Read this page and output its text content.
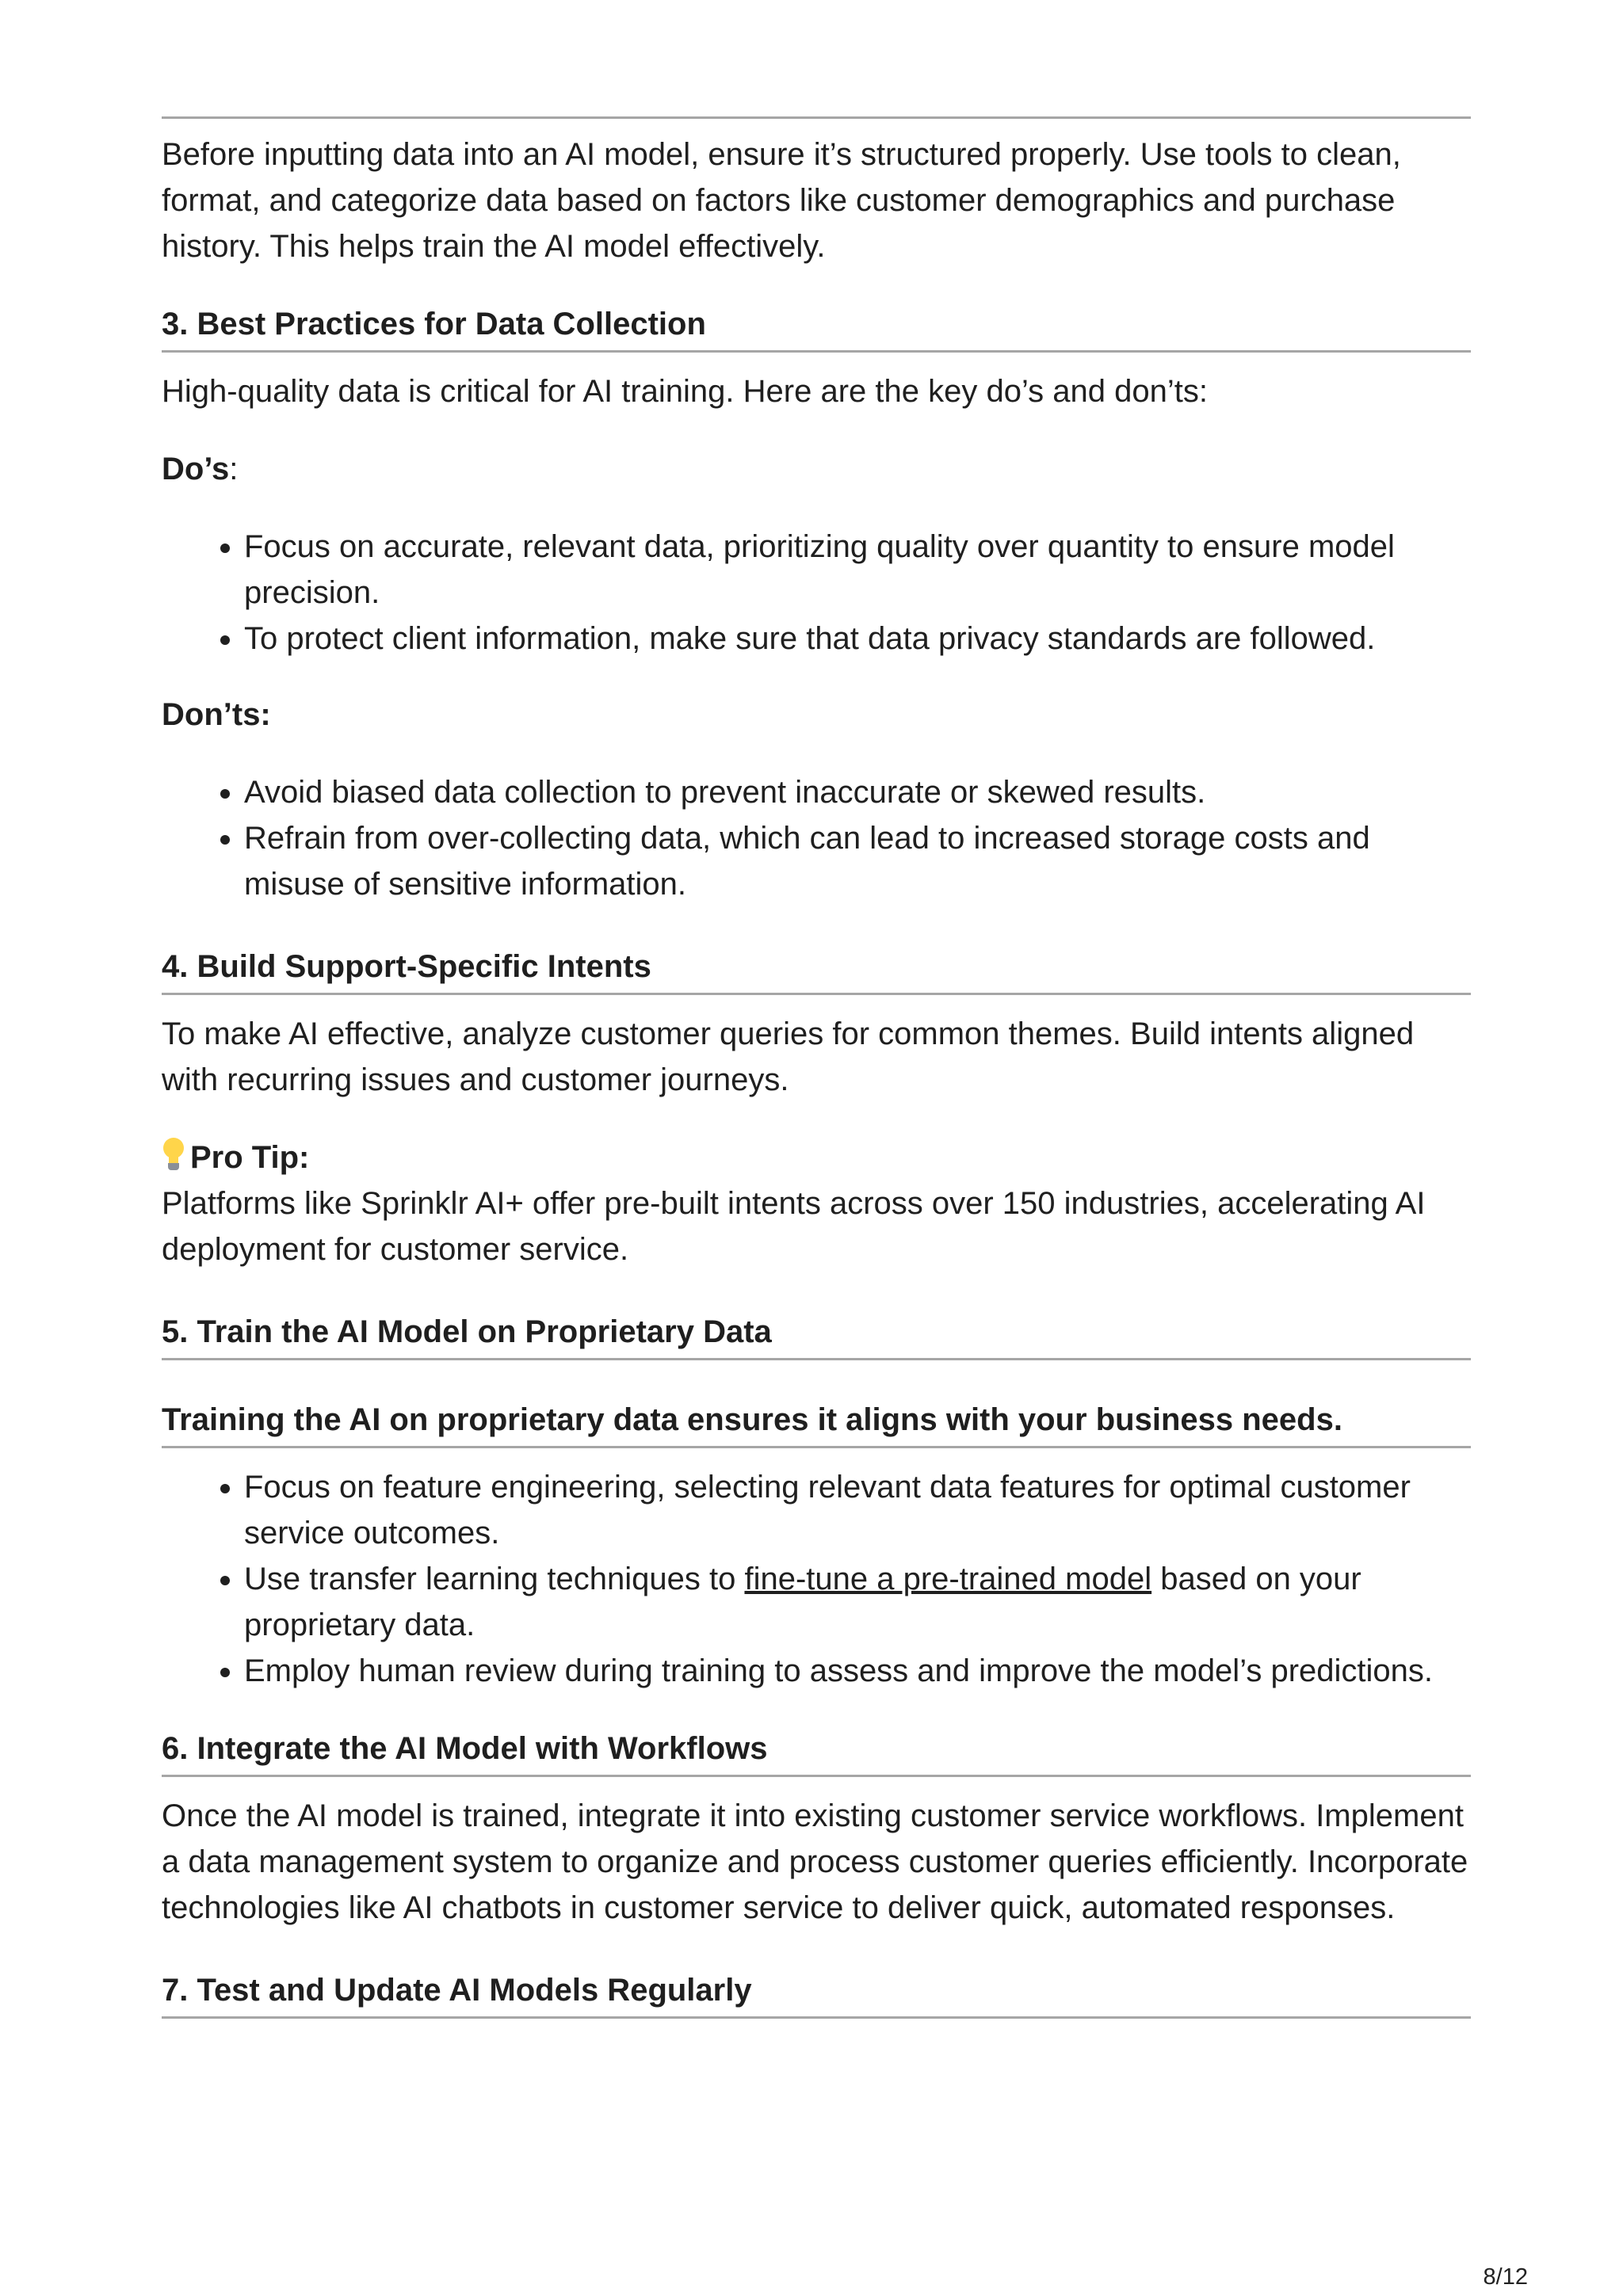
Before inputting data into an AI model, ensure it’s structured properly. Use tools to clean, format, and categorize data based on factors like customer demographics and purchase history. This helps train the AI model effectively.

3. Best Practices for Data Collection

High-quality data is critical for AI training. Here are the key do’s and don’ts:

Do’s:

• Focus on accurate, relevant data, prioritizing quality over quantity to ensure model precision.
• To protect client information, make sure that data privacy standards are followed.

Don’ts:

• Avoid biased data collection to prevent inaccurate or skewed results.
• Refrain from over-collecting data, which can lead to increased storage costs and misuse of sensitive information.
4. Build Support-Specific Intents

To make AI effective, analyze customer queries for common themes. Build intents aligned with recurring issues and customer journeys.

Pro Tip:

Platforms like Sprinklr AI+ offer pre-built intents across over 150 industries, accelerating AI deployment for customer service.

5. Train the AI Model on Proprietary Data
Training the AI on proprietary data ensures it aligns with your business needs.
• Focus on feature engineering, selecting relevant data features for optimal customer service outcomes.
• Use transfer learning techniques to fine-tune a pre-trained model based on your proprietary data.
• Employ human review during training to assess and improve the model’s predictions.
6. Integrate the AI Model with Workflows

Once the AI model is trained, integrate it into existing customer service workflows. Implement a data management system to organize and process customer queries efficiently. Incorporate technologies like AI chatbots in customer service to deliver quick, automated responses.

7. Test and Update AI Models Regularly
8/12
